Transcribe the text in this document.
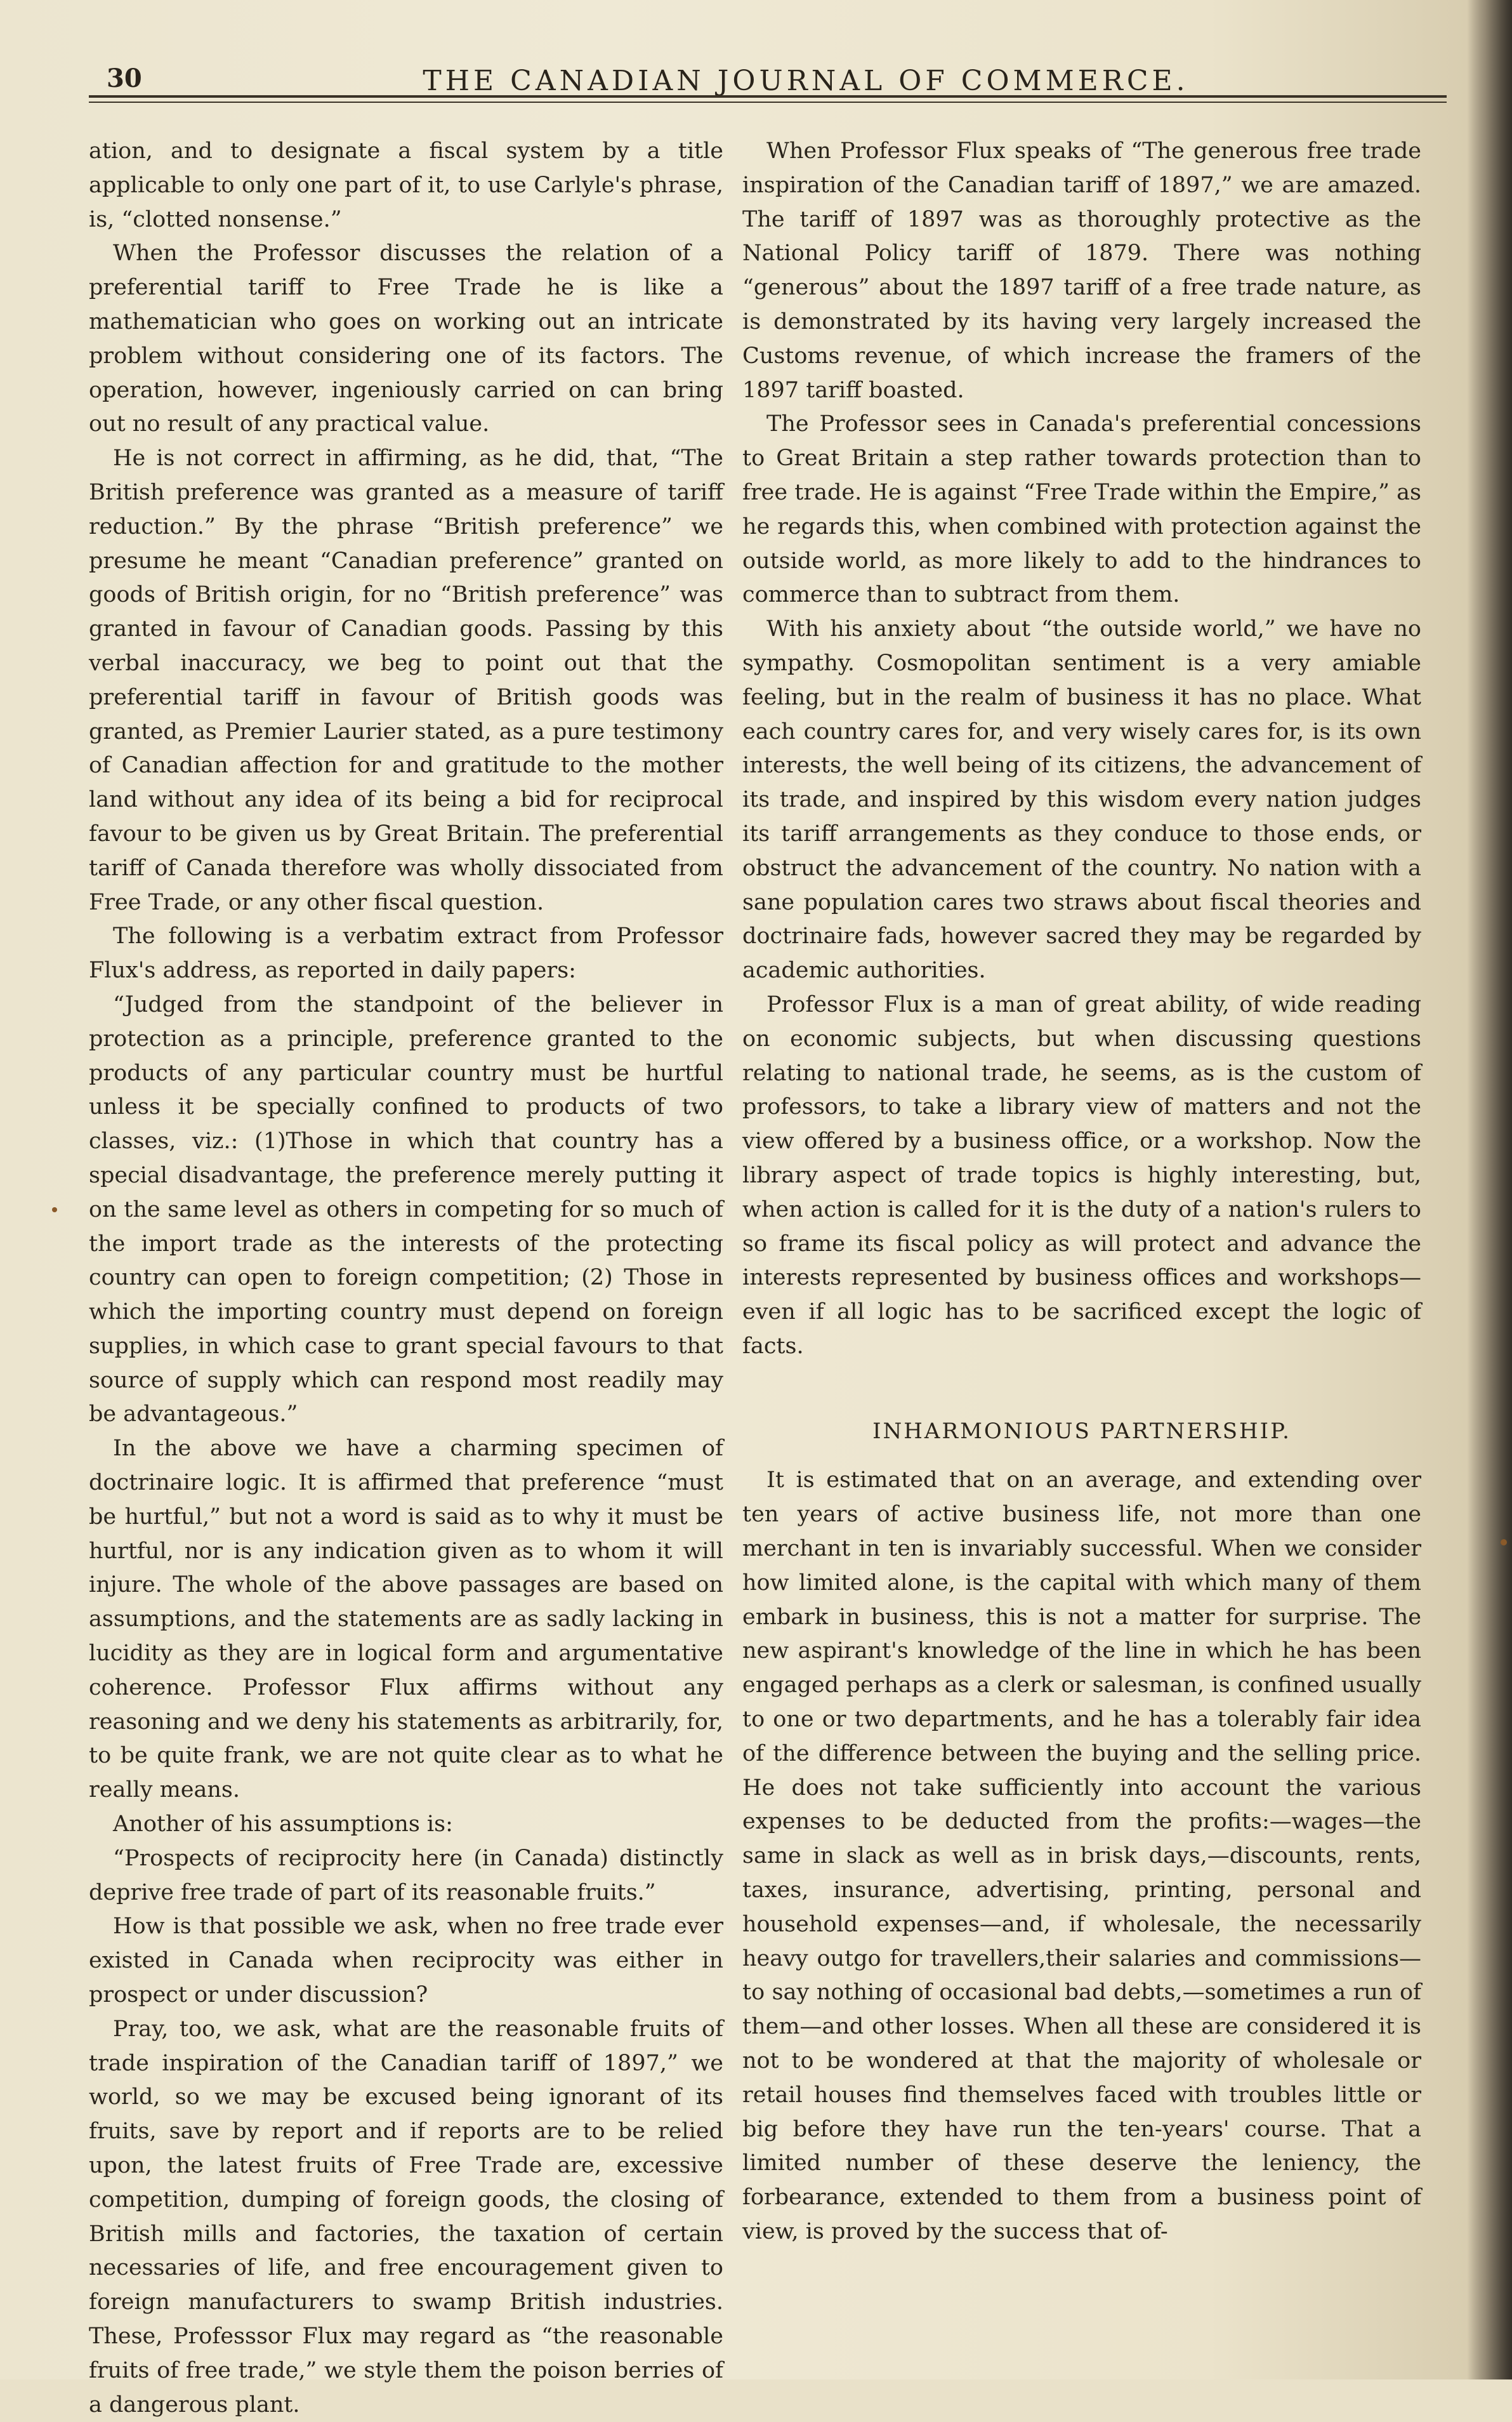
30	THE CANADIAN JOURNAL OF COMMERCE.

ation, and to designate a fiscal system by a title applicable to only one part of it, to use Carlyle's phrase, is, “clotted nonsense.”

When the Professor discusses the relation of a preferential tariff to Free Trade he is like a mathematician who goes on working out an intricate problem without considering one of its factors. The operation, however, ingeniously carried on can bring out no result of any practical value.

He is not correct in affirming, as he did, that, “The British preference was granted as a measure of tariff reduction.” By the phrase “British preference” we presume he meant “Canadian preference” granted on goods of British origin, for no “British preference” was granted in favour of Canadian goods. Passing by this verbal inaccuracy, we beg to point out that the preferential tariff in favour of British goods was granted, as Premier Laurier stated, as a pure testimony of Canadian affection for and gratitude to the mother land without any idea of its being a bid for reciprocal favour to be given us by Great Britain. The preferential tariff of Canada therefore was wholly dissociated from Free Trade, or any other fiscal question.

The following is a verbatim extract from Professor Flux's address, as reported in daily papers:

“Judged from the standpoint of the believer in protection as a principle, preference granted to the products of any particular country must be hurtful unless it be specially confined to products of two classes, viz.: (1)Those in which that country has a special disadvantage, the preference merely putting it on the same level as others in competing for so much of the import trade as the interests of the protecting country can open to foreign competition; (2) Those in which the importing country must depend on foreign supplies, in which case to grant special favours to that source of supply which can respond most readily may be advantageous.”

In the above we have a charming specimen of doctrinaire logic. It is affirmed that preference “must be hurtful,” but not a word is said as to why it must be hurtful, nor is any indication given as to whom it will injure. The whole of the above passages are based on assumptions, and the statements are as sadly lacking in lucidity as they are in logical form and argumentative coherence. Professor Flux affirms without any reasoning and we deny his statements as arbitrarily, for, to be quite frank, we are not quite clear as to what he really means.

Another of his assumptions is:

“Prospects of reciprocity here (in Canada) distinctly deprive free trade of part of its reasonable fruits.”

How is that possible we ask, when no free trade ever existed in Canada when reciprocity was either in prospect or under discussion?

Pray, too, we ask, what are the reasonable fruits of trade inspiration of the Canadian tariff of 1897,” we world, so we may be excused being ignorant of its fruits, save by report and if reports are to be relied upon, the latest fruits of Free Trade are, excessive competition, dumping of foreign goods, the closing of British mills and factories, the taxation of certain necessaries of life, and free encouragement given to foreign manufacturers to swamp British industries. These, Professsor Flux may regard as “the reasonable fruits of free trade,” we style them the poison berries of a dangerous plant.

When Professor Flux speaks of “The generous free trade inspiration of the Canadian tariff of 1897,” we are amazed. The tariff of 1897 was as thoroughly protective as the National Policy tariff of 1879. There was nothing “generous” about the 1897 tariff of a free trade nature, as is demonstrated by its having very largely increased the Customs revenue, of which increase the framers of the 1897 tariff boasted.

The Professor sees in Canada's preferential concessions to Great Britain a step rather towards protection than to free trade. He is against “Free Trade within the Empire,” as he regards this, when combined with protection against the outside world, as more likely to add to the hindrances to commerce than to subtract from them.

With his anxiety about “the outside world,” we have no sympathy. Cosmopolitan sentiment is a very amiable feeling, but in the realm of business it has no place. What each country cares for, and very wisely cares for, is its own interests, the well being of its citizens, the advancement of its trade, and inspired by this wisdom every nation judges its tariff arrangements as they conduce to those ends, or obstruct the advancement of the country. No nation with a sane population cares two straws about fiscal theories and doctrinaire fads, however sacred they may be regarded by academic authorities.

Professor Flux is a man of great ability, of wide reading on economic subjects, but when discussing questions relating to national trade, he seems, as is the custom of professors, to take a library view of matters and not the view offered by a business office, or a workshop. Now the library aspect of trade topics is highly interesting, but, when action is called for it is the duty of a nation's rulers to so frame its fiscal policy as will protect and advance the interests represented by business offices and workshops—even if all logic has to be sacrificed except the logic of facts.

INHARMONIOUS PARTNERSHIP.

It is estimated that on an average, and extending over ten years of active business life, not more than one merchant in ten is invariably successful. When we consider how limited alone, is the capital with which many of them embark in business, this is not a matter for surprise. The new aspirant's knowledge of the line in which he has been engaged perhaps as a clerk or salesman, is confined usually to one or two departments, and he has a tolerably fair idea of the difference between the buying and the selling price. He does not take sufficiently into account the various expenses to be deducted from the profits:—wages—the same in slack as well as in brisk days,—discounts, rents, taxes, insurance, advertising, printing, personal and household expenses—and, if wholesale, the necessarily heavy outgo for travellers,their salaries and commissions—to say nothing of occasional bad debts,—sometimes a run of them—and other losses. When all these are considered it is not to be wondered at that the majority of wholesale or retail houses find themselves faced with troubles little or big before they have run the ten-years' course. That a limited number of these deserve the leniency, the forbearance, extended to them from a business point of view, is proved by the success that of-
